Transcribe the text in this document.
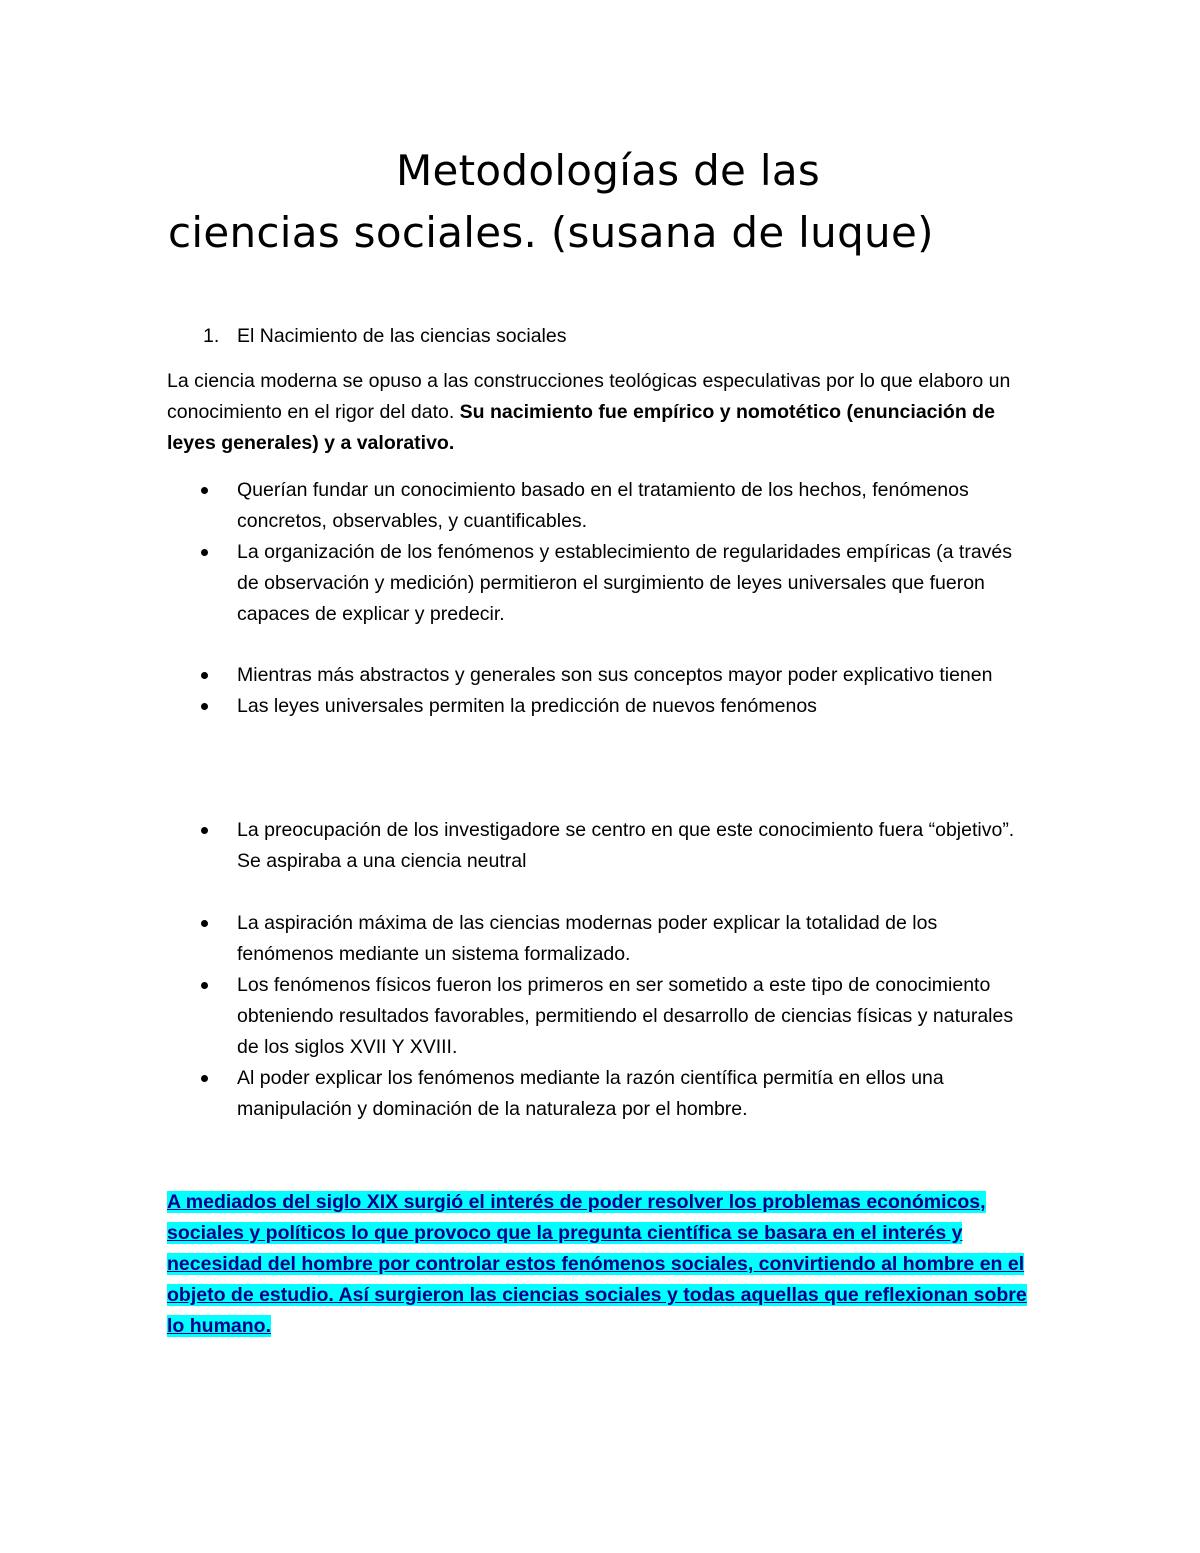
Metodologías de las
ciencias sociales. (susana de luque)
1. El Nacimiento de las ciencias sociales
La ciencia moderna se opuso a las construcciones teológicas especulativas por lo que elaboro un conocimiento en el rigor del dato. Su nacimiento fue empírico y nomotético (enunciación de leyes generales) y a valorativo.
Querían fundar un conocimiento basado en el tratamiento de los hechos, fenómenos concretos, observables, y cuantificables.
La organización de los fenómenos y establecimiento de regularidades empíricas (a través de observación y medición) permitieron el surgimiento de leyes universales que fueron capaces de explicar y predecir.
Mientras más abstractos y generales son sus conceptos mayor poder explicativo tienen
Las leyes universales permiten la predicción de nuevos fenómenos
La preocupación de los investigadore se centro en que este conocimiento fuera “objetivo”. Se aspiraba a una ciencia neutral
La aspiración máxima de las ciencias modernas poder explicar la totalidad de los fenómenos mediante un sistema formalizado.
Los fenómenos físicos fueron los primeros en ser sometido a este tipo de conocimiento obteniendo resultados favorables, permitiendo el desarrollo de ciencias físicas y naturales de los siglos XVII Y XVIII.
Al poder explicar los fenómenos mediante la razón científica permitía en ellos una manipulación y dominación de la naturaleza por el hombre.
A mediados del siglo XIX surgió el interés de poder resolver los problemas económicos, sociales y políticos lo que provoco que la pregunta científica se basara en el interés y necesidad del hombre por controlar estos fenómenos sociales, convirtiendo al hombre en el objeto de estudio. Así surgieron las ciencias sociales y todas aquellas que reflexionan sobre lo humano.
